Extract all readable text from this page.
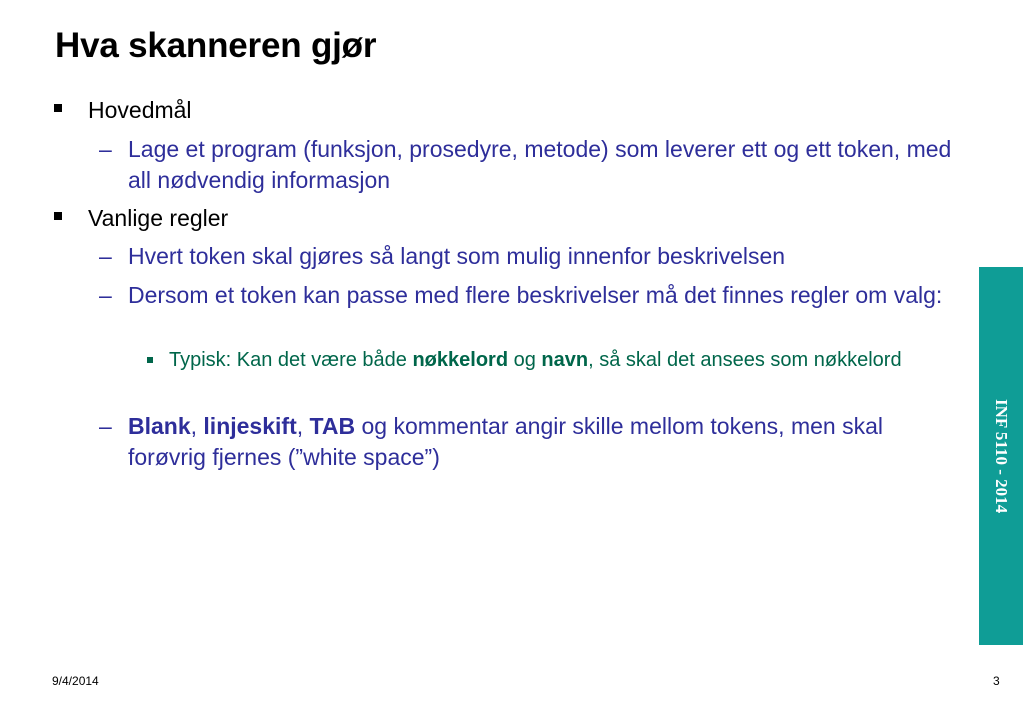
Hva skanneren gjør
Hovedmål
– Lage et program (funksjon, prosedyre, metode) som leverer ett og ett token, med all nødvendig informasjon
Vanlige regler
– Hvert token skal gjøres så langt som mulig innenfor beskrivelsen
– Dersom et token kan passe med flere beskrivelser må det finnes regler om valg:
Typisk: Kan det være både nøkkelord og navn, så skal det ansees som nøkkelord
– Blank, linjeskift, TAB og kommentar angir skille mellom tokens, men skal forøvrig fjernes (”white space”)	INF 5110 - 2014
9/4/2014	3
